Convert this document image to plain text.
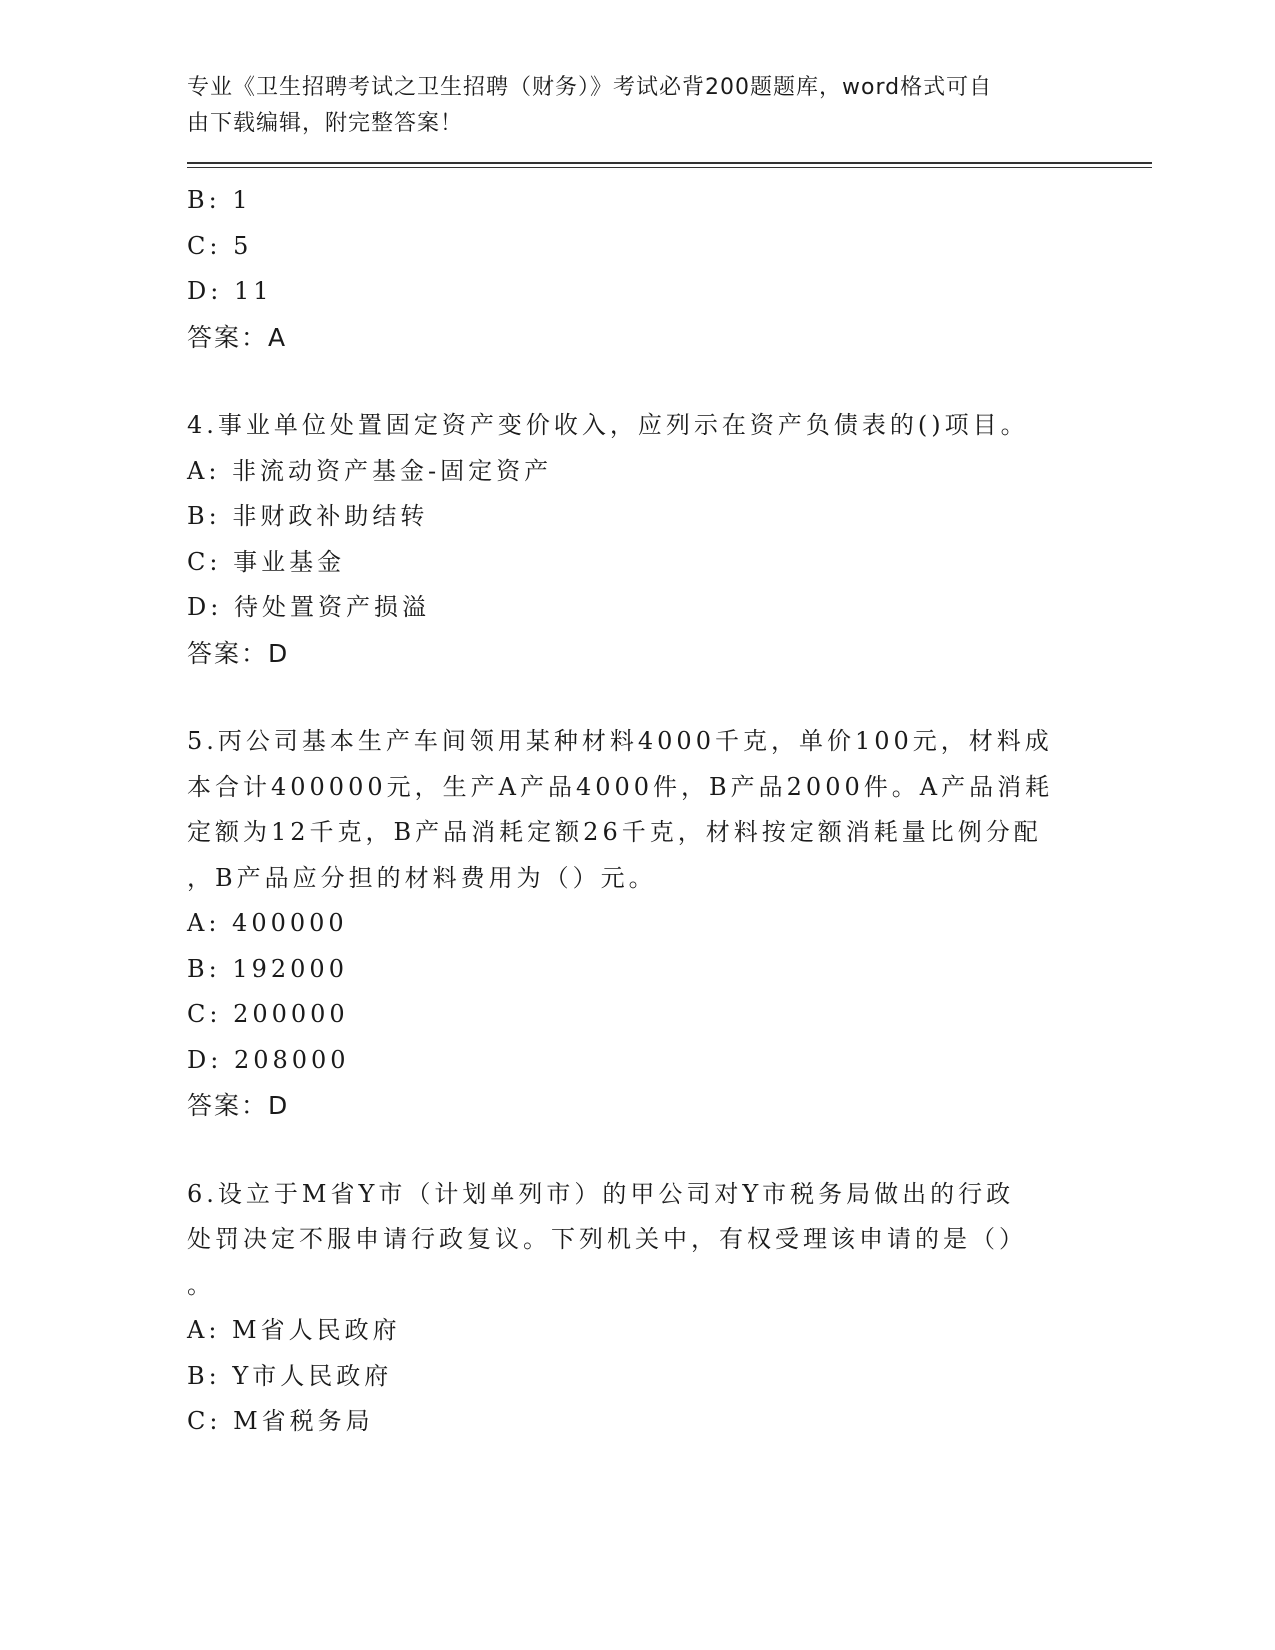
专业《卫生招聘考试之卫生招聘（财务）》考试必背200题题库，word格式可自
由下载编辑，附完整答案！
B: 1
C: 5
D: 11
答案：A
4.事业单位处置固定资产变价收入，应列示在资产负债表的()项目。
A: 非流动资产基金-固定资产
B: 非财政补助结转
C: 事业基金
D: 待处置资产损溢
答案：D
5.丙公司基本生产车间领用某种材料4000千克，单价100元，材料成
本合计400000元，生产A产品4000件，B产品2000件。A产品消耗
定额为12千克，B产品消耗定额26千克，材料按定额消耗量比例分配
，B产品应分担的材料费用为（）元。
A: 400000
B: 192000
C: 200000
D: 208000
答案：D
6.设立于M省Y市（计划单列市）的甲公司对Y市税务局做出的行政
处罚决定不服申请行政复议。下列机关中，有权受理该申请的是（）
。
A: M省人民政府
B: Y市人民政府
C: M省税务局
